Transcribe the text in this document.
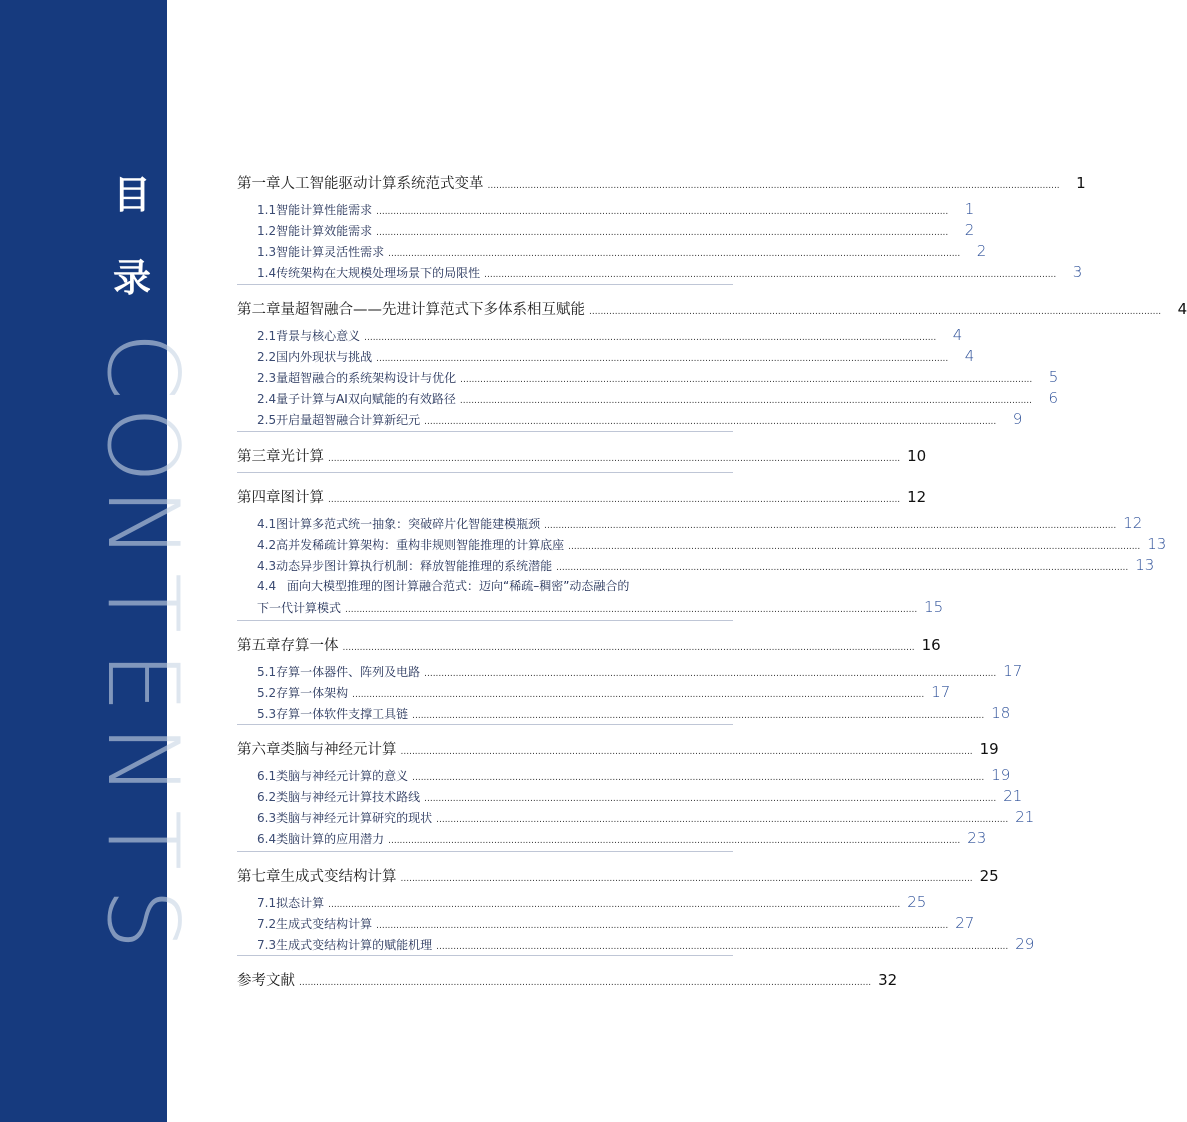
目
录
C
O
N
T
E
N
T
S
第一章 人工智能驱动计算系统范式变革 ........................................................................................................................................................................................................	1
1.1 智能计算性能需求 ........................................................................................................................................................................................................	1
1.2 智能计算效能需求 ........................................................................................................................................................................................................	2
1.3 智能计算灵活性需求 ........................................................................................................................................................................................................	2
1.4 传统架构在大规模处理场景下的局限性 ........................................................................................................................................................................................................	3
第二章 量超智融合——先进计算范式下多体系相互赋能 ........................................................................................................................................................................................................	4
2.1 背景与核心意义 ........................................................................................................................................................................................................	4
2.2 国内外现状与挑战 ........................................................................................................................................................................................................	4
2.3 量超智融合的系统架构设计与优化 ........................................................................................................................................................................................................	5
2.4 量子计算与AI双向赋能的有效路径 ........................................................................................................................................................................................................	6
2.5 开启量超智融合计算新纪元 ........................................................................................................................................................................................................	9
第三章 光计算 ........................................................................................................................................................................................................ 10
第四章 图计算 ........................................................................................................................................................................................................ 12
4.1 图计算多范式统一抽象：突破碎片化智能建模瓶颈 ........................................................................................................................................................................................................ 12
4.2 高并发稀疏计算架构：重构非规则智能推理的计算底座 ........................................................................................................................................................................................................ 13
4.3 动态异步图计算执行机制：释放智能推理的系统潜能 ........................................................................................................................................................................................................ 13
4.4 面向大模型推理的图计算融合范式：迈向“稀疏–稠密”动态融合的
下一代计算模式 ........................................................................................................................................................................................................ 15
第五章 存算一体 ........................................................................................................................................................................................................ 16
5.1 存算一体器件、阵列及电路 ........................................................................................................................................................................................................ 17
5.2 存算一体架构 ........................................................................................................................................................................................................ 17
5.3 存算一体软件支撑工具链 ........................................................................................................................................................................................................ 18
第六章 类脑与神经元计算 ........................................................................................................................................................................................................ 19
6.1 类脑与神经元计算的意义 ........................................................................................................................................................................................................ 19
6.2 类脑与神经元计算技术路线 ........................................................................................................................................................................................................ 21
6.3 类脑与神经元计算研究的现状 ........................................................................................................................................................................................................ 21
6.4 类脑计算的应用潜力 ........................................................................................................................................................................................................ 23
第七章 生成式变结构计算 ........................................................................................................................................................................................................ 25
7.1 拟态计算 ........................................................................................................................................................................................................ 25
7.2 生成式变结构计算 ........................................................................................................................................................................................................ 27
7.3 生成式变结构计算的赋能机理 ........................................................................................................................................................................................................ 29
参考文献 ........................................................................................................................................................................................................ 32
